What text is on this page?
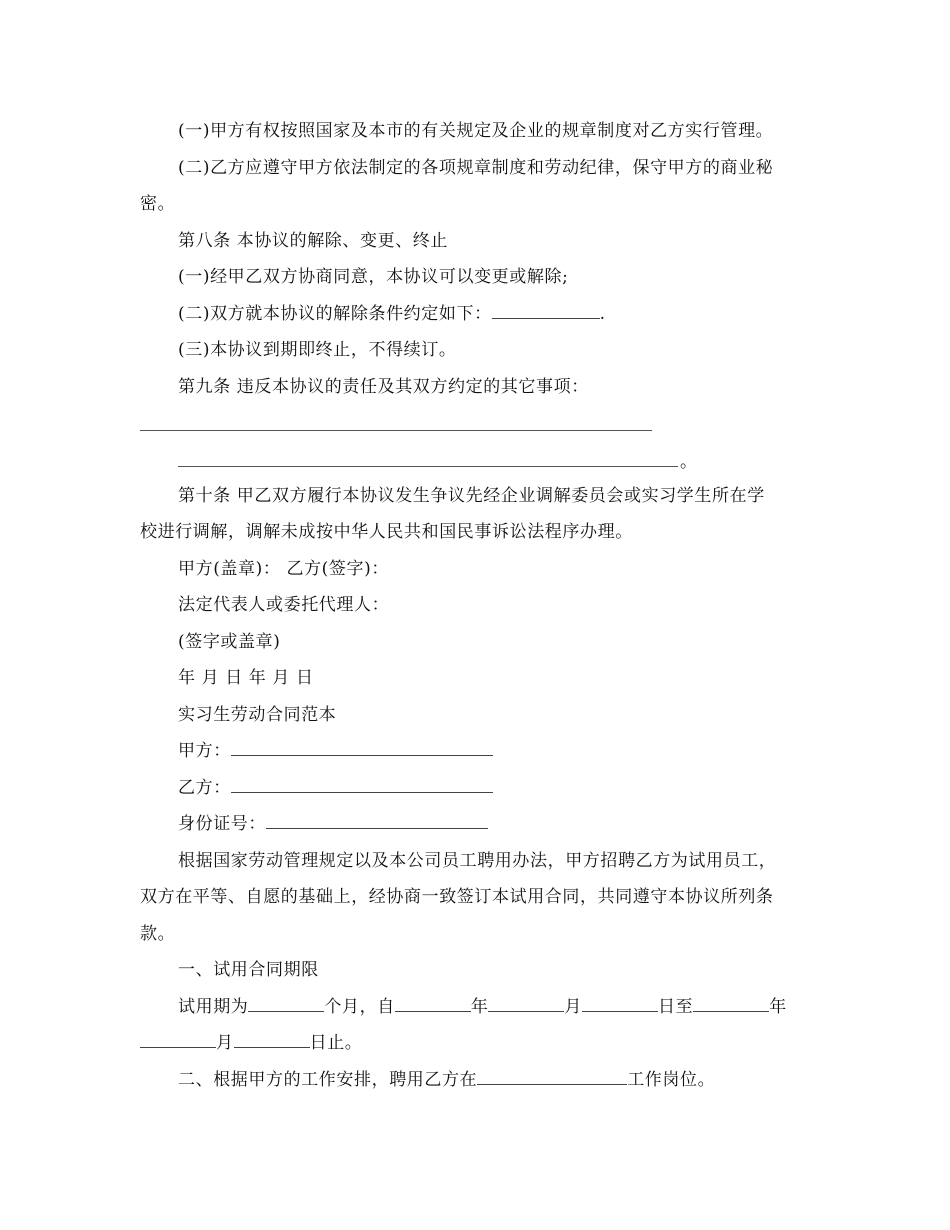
(一)甲方有权按照国家及本市的有关规定及企业的规章制度对乙方实行管理。
(二)乙方应遵守甲方依法制定的各项规章制度和劳动纪律，保守甲方的商业秘
密。
第八条 本协议的解除、变更、终止
(一)经甲乙双方协商同意，本协议可以变更或解除;
(二)双方就本协议的解除条件约定如下：	.
(三)本协议到期即终止，不得续订。
第九条 违反本协议的责任及其双方约定的其它事项：
。
第十条 甲乙双方履行本协议发生争议先经企业调解委员会或实习学生所在学
校进行调解，调解未成按中华人民共和国民事诉讼法程序办理。
甲方(盖章)： 乙方(签字)：
法定代表人或委托代理人：
(签字或盖章)
年 月 日 年 月 日
实习生劳动合同范本
甲方：
乙方：
身份证号：
根据国家劳动管理规定以及本公司员工聘用办法，甲方招聘乙方为试用员工，
双方在平等、自愿的基础上，经协商一致签订本试用合同，共同遵守本协议所列条
款。
一、试用合同期限
试用期为	个月，自	年	月	日至	年
月	日止。
二、根据甲方的工作安排，聘用乙方在	工作岗位。
